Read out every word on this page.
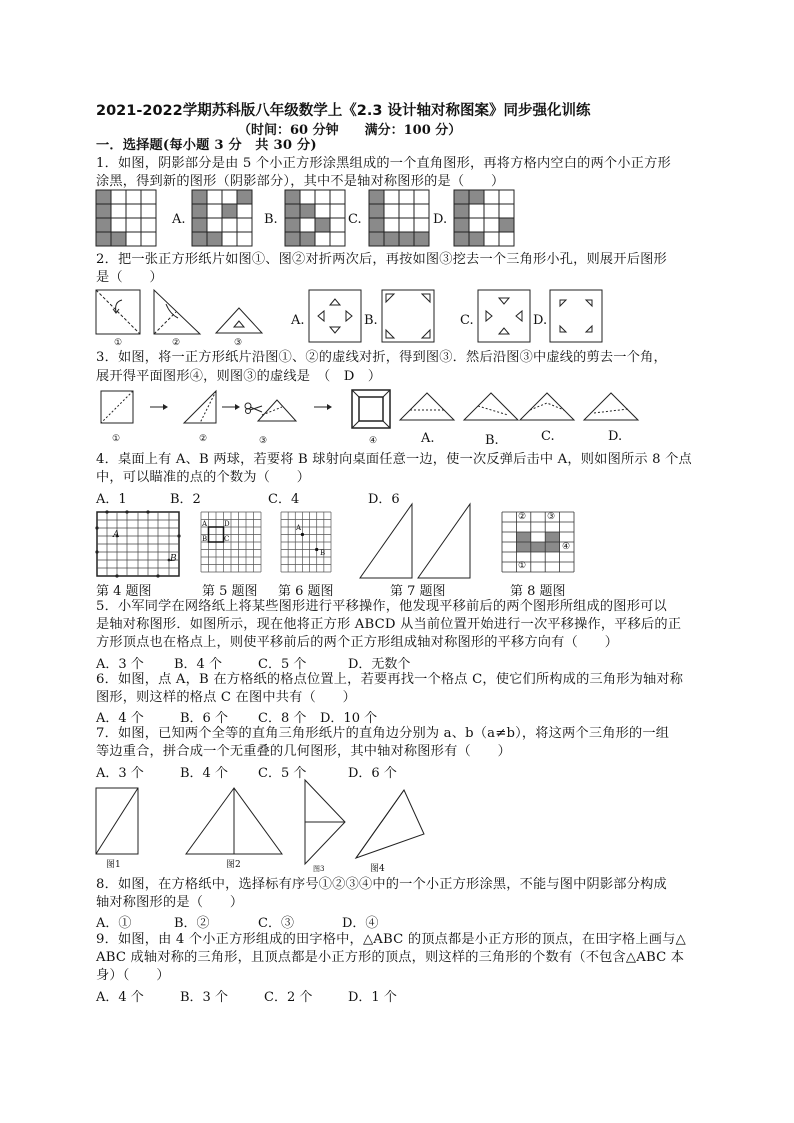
2021-2022学期苏科版八年级数学上《2.3 设计轴对称图案》同步强化训练
（时间：60 分钟　　满分：100 分）
一．选择题(每小题 3 分　共 30 分)
1．如图，阴影部分是由 5 个小正方形涂黑组成的一个直角图形，再将方格内空白的两个小正方形
涂黑，得到新的图形（阴影部分），其中不是轴对称图形的是（　　）
A.	B.	C.	D.
2．把一张正方形纸片如图①、图②对折两次后，再按如图③挖去一个三角形小孔，则展开后图形
是（　　）
①	②	③
A.	B.	C.	D.
3．如图，将一正方形纸片沿图①、②的虚线对折，得到图③．然后沿图③中虚线的剪去一个角，
展开得平面图形④，则图③的虚线是　（　D　）
①	②	③	④	A.	B.	C.	D.
4．桌面上有 A、B 两球，若要将 B 球射向桌面任意一边，使一次反弹后击中 A，则如图所示 8 个点
中，可以瞄准的点的个数为（　　）
A．1	B．2	C．4	D．6
A
B
A
B C
D	A
B
② ③
④
①
第 4 题图	第 5 题图 第 6 题图	第 7 题图	第 8 题图
5．小军同学在网络纸上将某些图形进行平移操作，他发现平移前后的两个图形所组成的图形可以
是轴对称图形．如图所示，现在他将正方形 ABCD 从当前位置开始进行一次平移操作，平移后的正
方形顶点也在格点上，则使平移前后的两个正方形组成轴对称图形的平移方向有（　　）
A．3 个 B．4 个	C．5 个	D．无数个
6．如图，点 A，B 在方格纸的格点位置上，若要再找一个格点 C，使它们所构成的三角形为轴对称
图形，则这样的格点 C 在图中共有（　　）
A．4 个	B．6 个 C．8 个 D．10 个
7．如图，已知两个全等的直角三角形纸片的直角边分别为 a、b（a≠b），将这两个三角形的一组
等边重合，拼合成一个无重叠的几何图形，其中轴对称图形有（　　）
A．3 个	B．4 个 C．5 个	D．6 个
图1	图2	图3	图4
8．如图，在方格纸中，选择标有序号①②③④中的一个小正方形涂黑，不能与图中阴影部分构成
轴对称图形的是（　　）
A．①	B．②	C．③	D．④
9．如图，由 4 个小正方形组成的田字格中，△ABC 的顶点都是小正方形的顶点，在田字格上画与△
ABC 成轴对称的三角形，且顶点都是小正方形的顶点，则这样的三角形的个数有（不包含△ABC 本
身）（　　）
A．4 个	B．3 个	C．2 个	D．1 个
